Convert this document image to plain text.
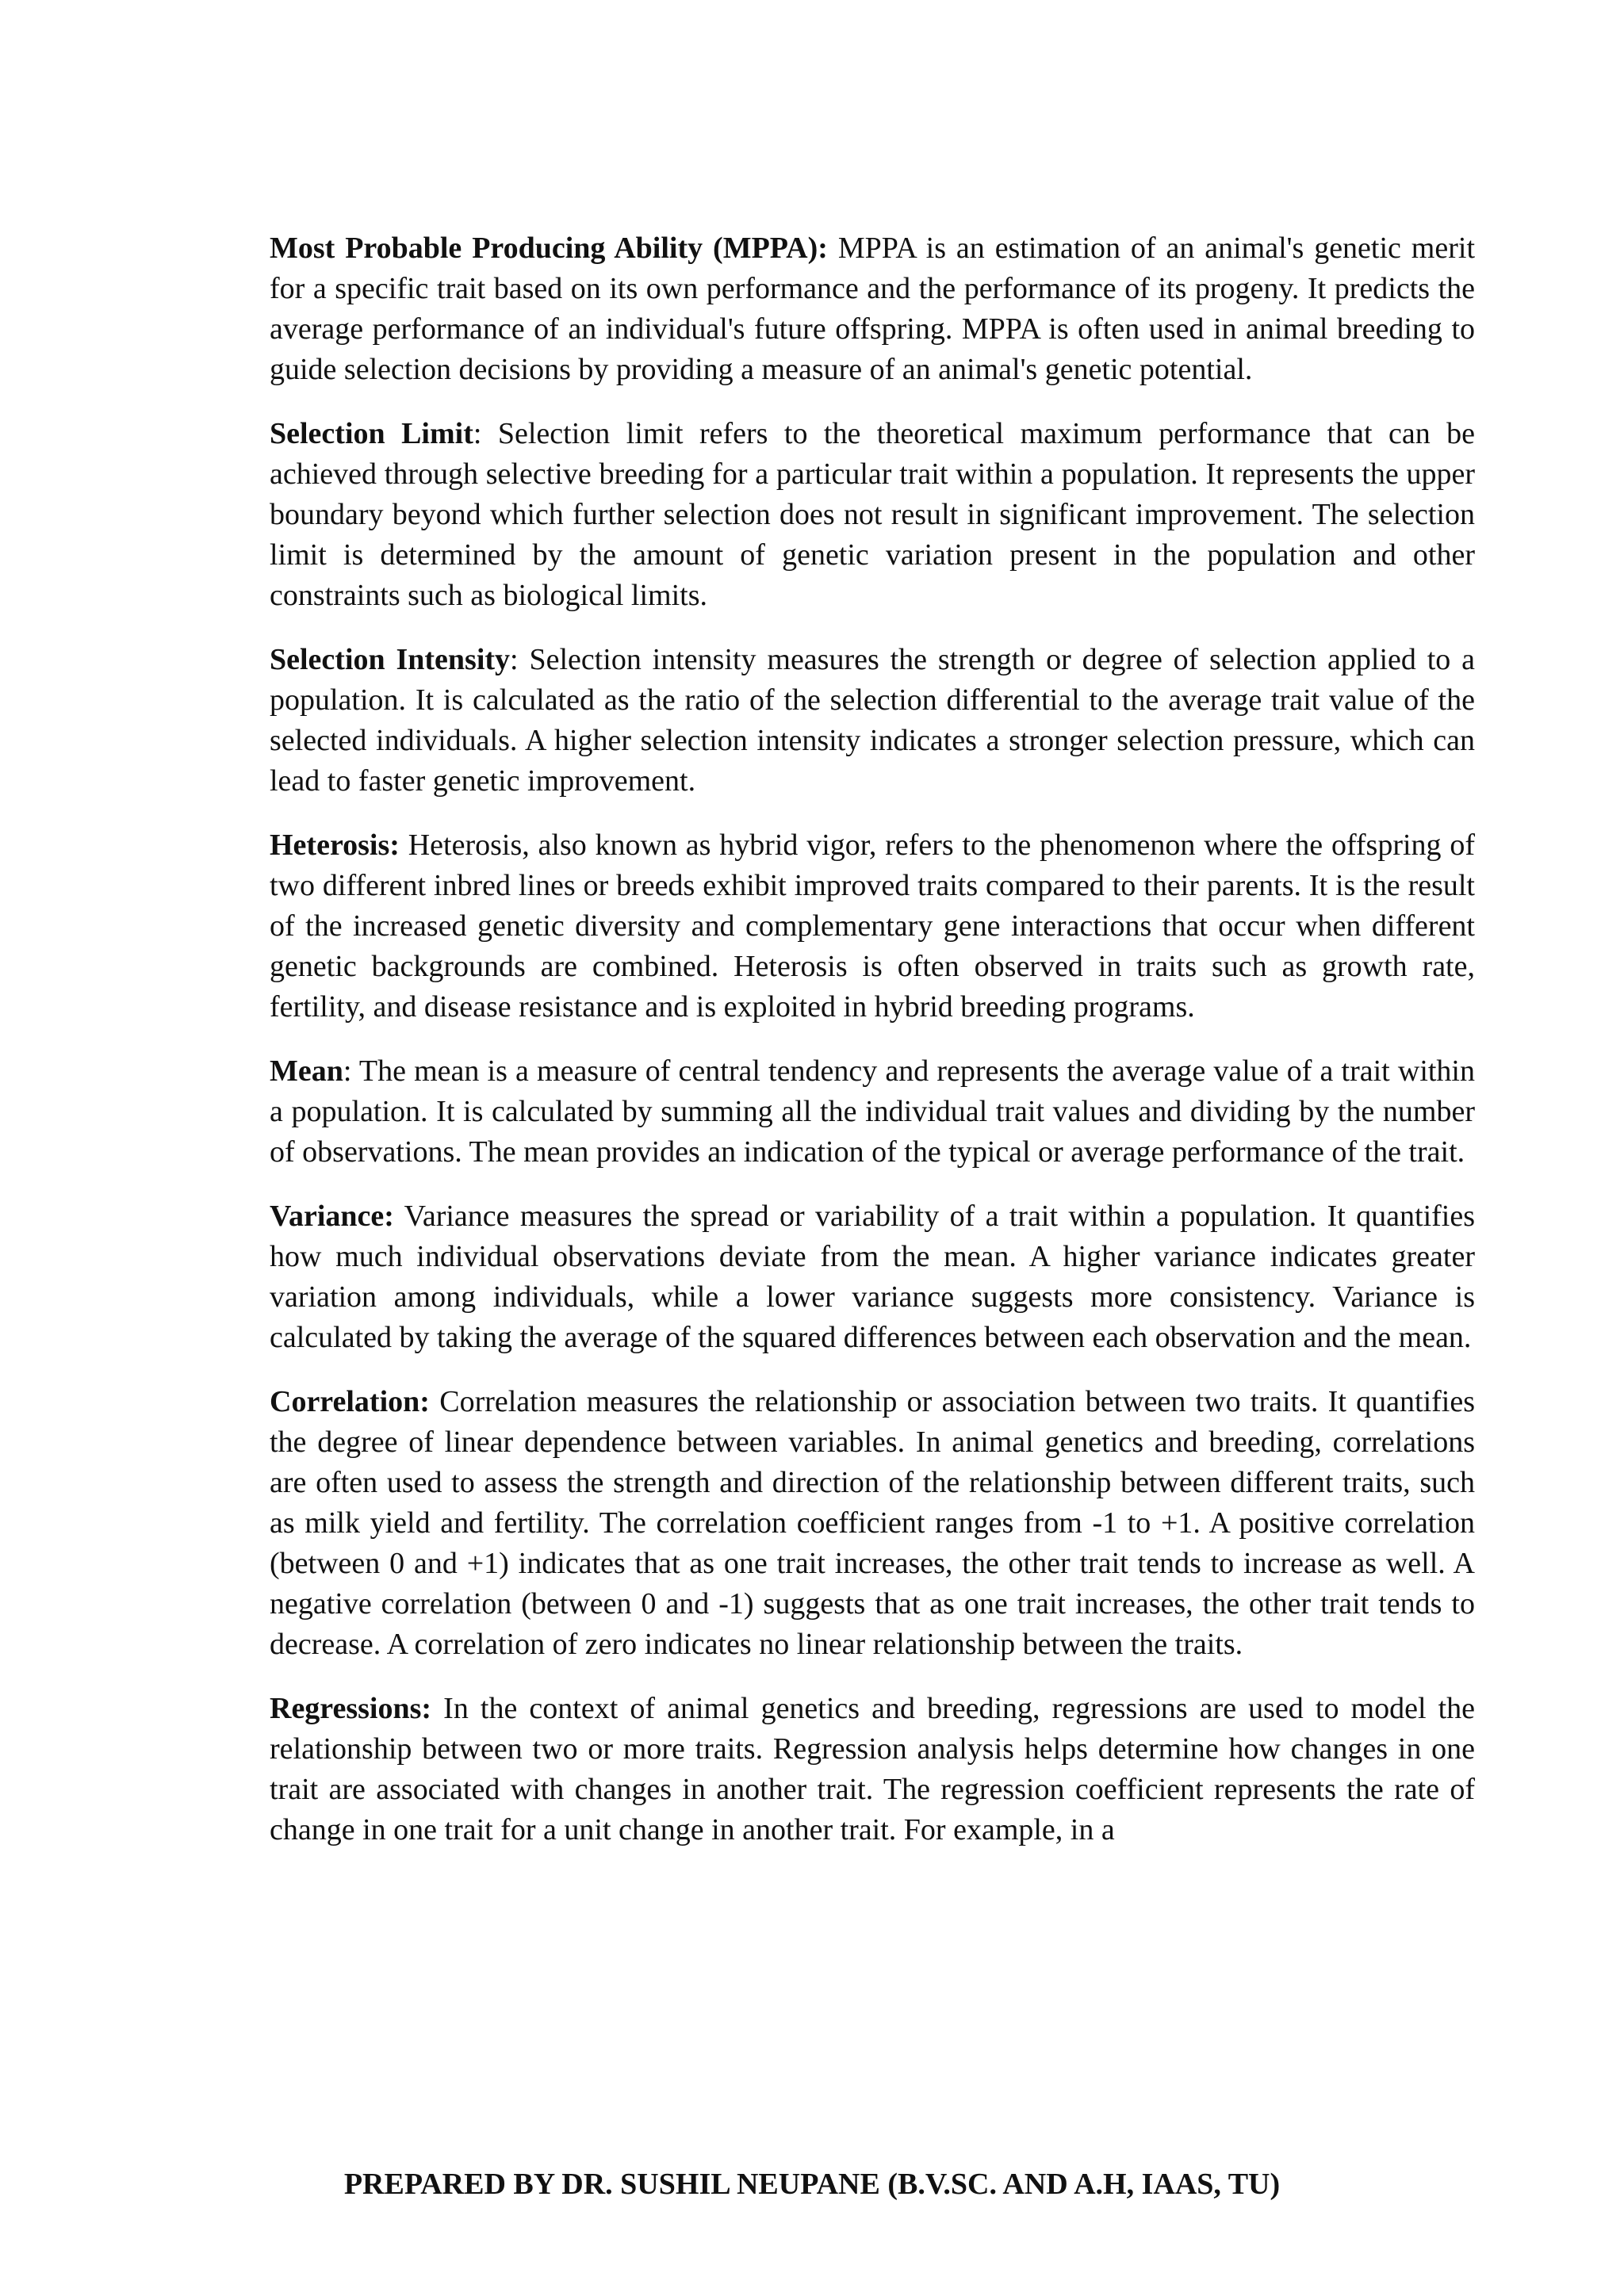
Most Probable Producing Ability (MPPA): MPPA is an estimation of an animal's genetic merit for a specific trait based on its own performance and the performance of its progeny. It predicts the average performance of an individual's future offspring. MPPA is often used in animal breeding to guide selection decisions by providing a measure of an animal's genetic potential.

Selection Limit: Selection limit refers to the theoretical maximum performance that can be achieved through selective breeding for a particular trait within a population. It represents the upper boundary beyond which further selection does not result in significant improvement. The selection limit is determined by the amount of genetic variation present in the population and other constraints such as biological limits.

Selection Intensity: Selection intensity measures the strength or degree of selection applied to a population. It is calculated as the ratio of the selection differential to the average trait value of the selected individuals. A higher selection intensity indicates a stronger selection pressure, which can lead to faster genetic improvement.

Heterosis: Heterosis, also known as hybrid vigor, refers to the phenomenon where the offspring of two different inbred lines or breeds exhibit improved traits compared to their parents. It is the result of the increased genetic diversity and complementary gene interactions that occur when different genetic backgrounds are combined. Heterosis is often observed in traits such as growth rate, fertility, and disease resistance and is exploited in hybrid breeding programs.

Mean: The mean is a measure of central tendency and represents the average value of a trait within a population. It is calculated by summing all the individual trait values and dividing by the number of observations. The mean provides an indication of the typical or average performance of the trait.

Variance: Variance measures the spread or variability of a trait within a population. It quantifies how much individual observations deviate from the mean. A higher variance indicates greater variation among individuals, while a lower variance suggests more consistency. Variance is calculated by taking the average of the squared differences between each observation and the mean.

Correlation: Correlation measures the relationship or association between two traits. It quantifies the degree of linear dependence between variables. In animal genetics and breeding, correlations are often used to assess the strength and direction of the relationship between different traits, such as milk yield and fertility. The correlation coefficient ranges from -1 to +1. A positive correlation (between 0 and +1) indicates that as one trait increases, the other trait tends to increase as well. A negative correlation (between 0 and -1) suggests that as one trait increases, the other trait tends to decrease. A correlation of zero indicates no linear relationship between the traits.

Regressions: In the context of animal genetics and breeding, regressions are used to model the relationship between two or more traits. Regression analysis helps determine how changes in one trait are associated with changes in another trait. The regression coefficient represents the rate of change in one trait for a unit change in another trait. For example, in a

PREPARED BY DR. SUSHIL NEUPANE (B.V.SC. AND A.H, IAAS, TU)
